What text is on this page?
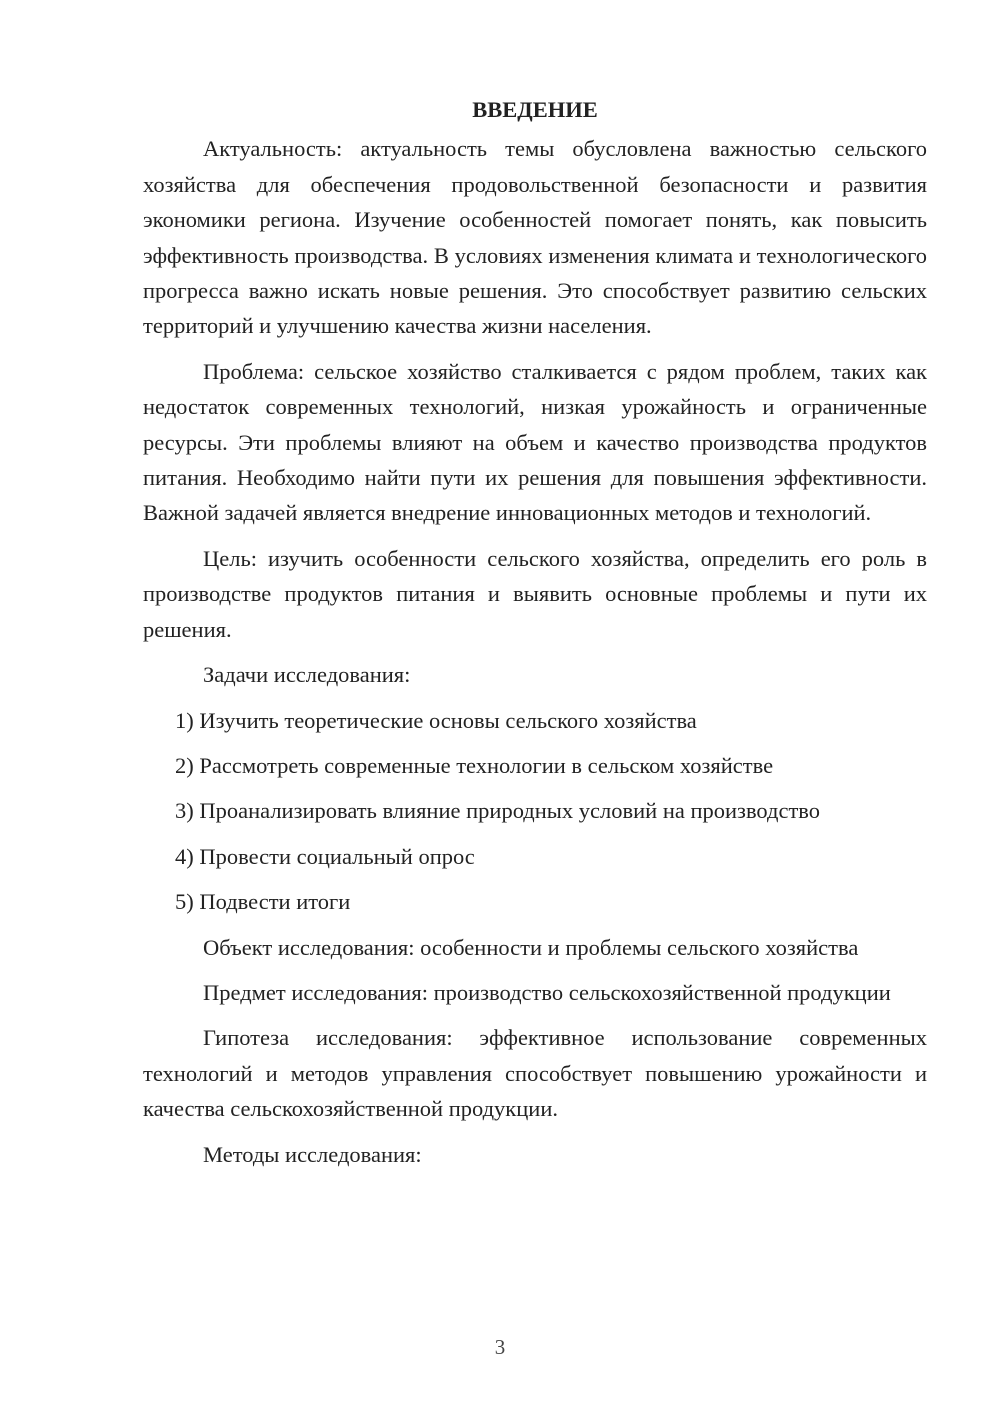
ВВЕДЕНИЕ

Актуальность: актуальность темы обусловлена важностью сельского хозяйства для обеспечения продовольственной безопасности и развития экономики региона. Изучение особенностей помогает понять, как повысить эффективность производства. В условиях изменения климата и технологического прогресса важно искать новые решения. Это способствует развитию сельских территорий и улучшению качества жизни населения.

Проблема: сельское хозяйство сталкивается с рядом проблем, таких как недостаток современных технологий, низкая урожайность и ограниченные ресурсы. Эти проблемы влияют на объем и качество производства продуктов питания. Необходимо найти пути их решения для повышения эффективности. Важной задачей является внедрение инновационных методов и технологий.

Цель: изучить особенности сельского хозяйства, определить его роль в производстве продуктов питания и выявить основные проблемы и пути их решения.

Задачи исследования:

1) Изучить теоретические основы сельского хозяйства
2) Рассмотреть современные технологии в сельском хозяйстве
3) Проанализировать влияние природных условий на производство
4) Провести социальный опрос
5) Подвести итоги

Объект исследования: особенности и проблемы сельского хозяйства

Предмет исследования: производство сельскохозяйственной продукции

Гипотеза исследования: эффективное использование современных технологий и методов управления способствует повышению урожайности и качества сельскохозяйственной продукции.

Методы исследования:

3
